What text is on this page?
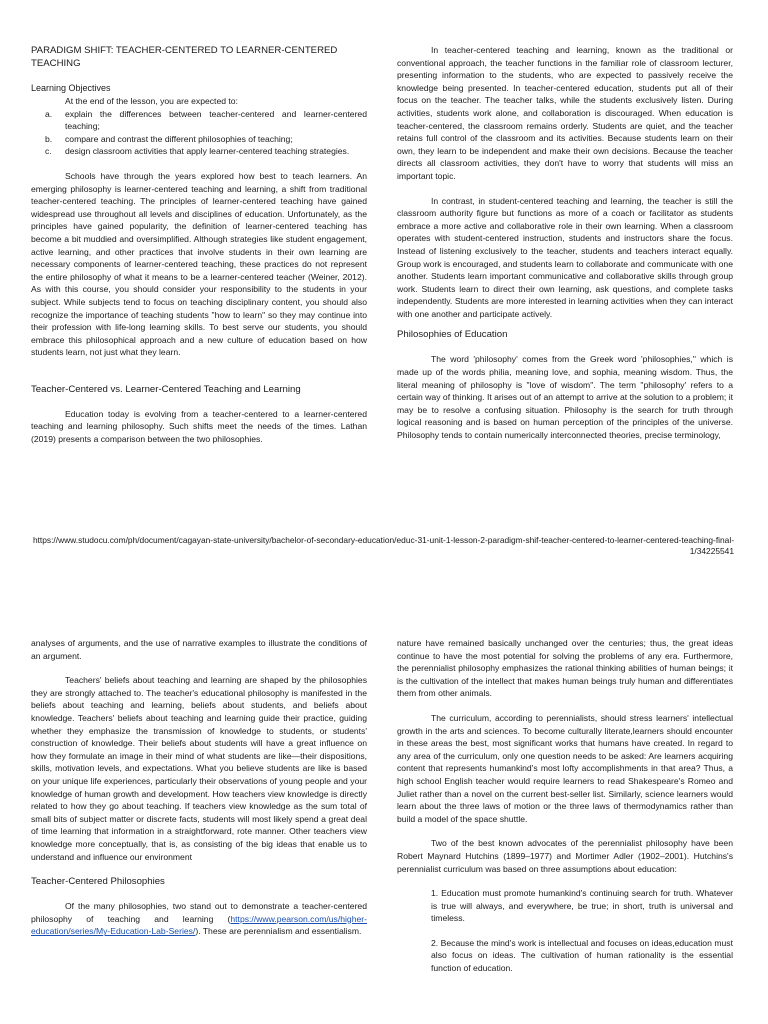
PARADIGM SHIFT: TEACHER-CENTERED TO LEARNER-CENTERED TEACHING

Learning Objectives

At the end of the lesson, you are expected to:

a.	explain the differences between teacher-centered and learner-centered teaching;
b.	compare and contrast the different philosophies of teaching;
c.	design classroom activities that apply learner-centered teaching strategies.

Schools have through the years explored how best to teach learners. An emerging philosophy is learner-centered teaching and learning, a shift from traditional teacher-centered teaching. The principles of learner-centered teaching have gained widespread use throughout all levels and disciplines of education. Unfortunately, as the principles have gained popularity, the definition of learner-centered teaching has become a bit muddied and oversimplified. Although strategies like student engagement, active learning, and other practices that involve students in their own learning are necessary components of learner-centered teaching, these practices do not represent the entire philosophy of what it means to be a learner-centered teacher (Weiner, 2012). As with this course, you should consider your responsibility to the students in your subject. While subjects tend to focus on teaching disciplinary content, you should also recognize the importance of teaching students "how to learn" so they may continue into their profession with life-long learning skills. To best serve our students, you should embrace this philosophical approach and a new culture of education based on how students learn, not just what they learn.

Teacher-Centered vs. Learner-Centered Teaching and Learning

Education today is evolving from a teacher-centered to a learner-centered teaching and learning philosophy. Such shifts meet the needs of the times. Lathan (2019) presents a comparison between the two philosophies.

In teacher-centered teaching and learning, known as the traditional or conventional approach, the teacher functions in the familiar role of classroom lecturer, presenting information to the students, who are expected to passively receive the knowledge being presented. In teacher-centered education, students put all of their focus on the teacher. The teacher talks, while the students exclusively listen. During activities, students work alone, and collaboration is discouraged. When education is teacher-centered, the classroom remains orderly. Students are quiet, and the teacher retains full control of the classroom and its activities. Because students learn on their own, they learn to be independent and make their own decisions. Because the teacher directs all classroom activities, they don't have to worry that students will miss an important topic.

In contrast, in student-centered teaching and learning, the teacher is still the classroom authority figure but functions as more of a coach or facilitator as students embrace a more active and collaborative role in their own learning. When a classroom operates with student-centered instruction, students and instructors share the focus. Instead of listening exclusively to the teacher, students and teachers interact equally. Group work is encouraged, and students learn to collaborate and communicate with one another. Students learn important communicative and collaborative skills through group work. Students learn to direct their own learning, ask questions, and complete tasks independently. Students are more interested in learning activities when they can interact with one another and participate actively.

Philosophies of Education

The word 'philosophy' comes from the Greek word 'philosophies," which is made up of the words philia, meaning love, and sophia, meaning wisdom. Thus, the literal meaning of philosophy is "love of wisdom". The term "philosophy' refers to a certain way of thinking. It arises out of an attempt to arrive at the solution to a problem; it may be to resolve a confusing situation. Philosophy is the search for truth through logical reasoning and is based on human perception of the principles of the universe. Philosophy tends to contain numerically interconnected theories, precise terminology,

https://www.studocu.com/ph/document/cagayan-state-university/bachelor-of-secondary-education/educ-31-unit-1-lesson-2-paradigm-shif-teacher-centered-to-learner-centered-teaching-final-1/34225541

analyses of arguments, and the use of narrative examples to illustrate the conditions of an argument.

Teachers' beliefs about teaching and learning are shaped by the philosophies they are strongly attached to. The teacher's educational philosophy is manifested in the beliefs about teaching and learning, beliefs about students, and beliefs about knowledge. Teachers' beliefs about teaching and learning guide their practice, guiding whether they emphasize the transmission of knowledge to students, or students' construction of knowledge. Their beliefs about students will have a great influence on how they formulate an image in their mind of what students are like—their dispositions, skills, motivation levels, and expectations. What you believe students are like is based on your unique life experiences, particularly their observations of young people and your knowledge of human growth and development. How teachers view knowledge is directly related to how they go about teaching. If teachers view knowledge as the sum total of small bits of subject matter or discrete facts, students will most likely spend a great deal of time learning that information in a straightforward, rote manner. Other teachers view knowledge more conceptually, that is, as consisting of the big ideas that enable us to understand and influence our environment

Teacher-Centered Philosophies

Of the many philosophies, two stand out to demonstrate a teacher-centered philosophy of teaching and learning (https://www.pearson.com/us/higher-education/series/My-Education-Lab-Series/). These are perennialism and essentialism.

nature have remained basically unchanged over the centuries; thus, the great ideas continue to have the most potential for solving the problems of any era. Furthermore, the perennialist philosophy emphasizes the rational thinking abilities of human beings; it is the cultivation of the intellect that makes human beings truly human and differentiates them from other animals.

The curriculum, according to perennialists, should stress learners' intellectual growth in the arts and sciences. To become culturally literate,learners should encounter in these areas the best, most significant works that humans have created. In regard to any area of the curriculum, only one question needs to be asked: Are learners acquiring content that represents humankind's most lofty accomplishments in that area? Thus, a high school English teacher would require learners to read Shakespeare's Romeo and Juliet rather than a novel on the current best-seller list. Similarly, science learners would learn about the three laws of motion or the three laws of thermodynamics rather than build a model of the space shuttle.

Two of the best known advocates of the perennialist philosophy have been Robert Maynard Hutchins (1899–1977) and Mortimer Adler (1902–2001). Hutchins's perennialist curriculum was based on three assumptions about education:

1. Education must promote humankind's continuing search for truth. Whatever is true will always, and everywhere, be true; in short, truth is universal and timeless.

2. Because the mind's work is intellectual and focuses on ideas,education must also focus on ideas. The cultivation of human rationality is the essential function of education.
